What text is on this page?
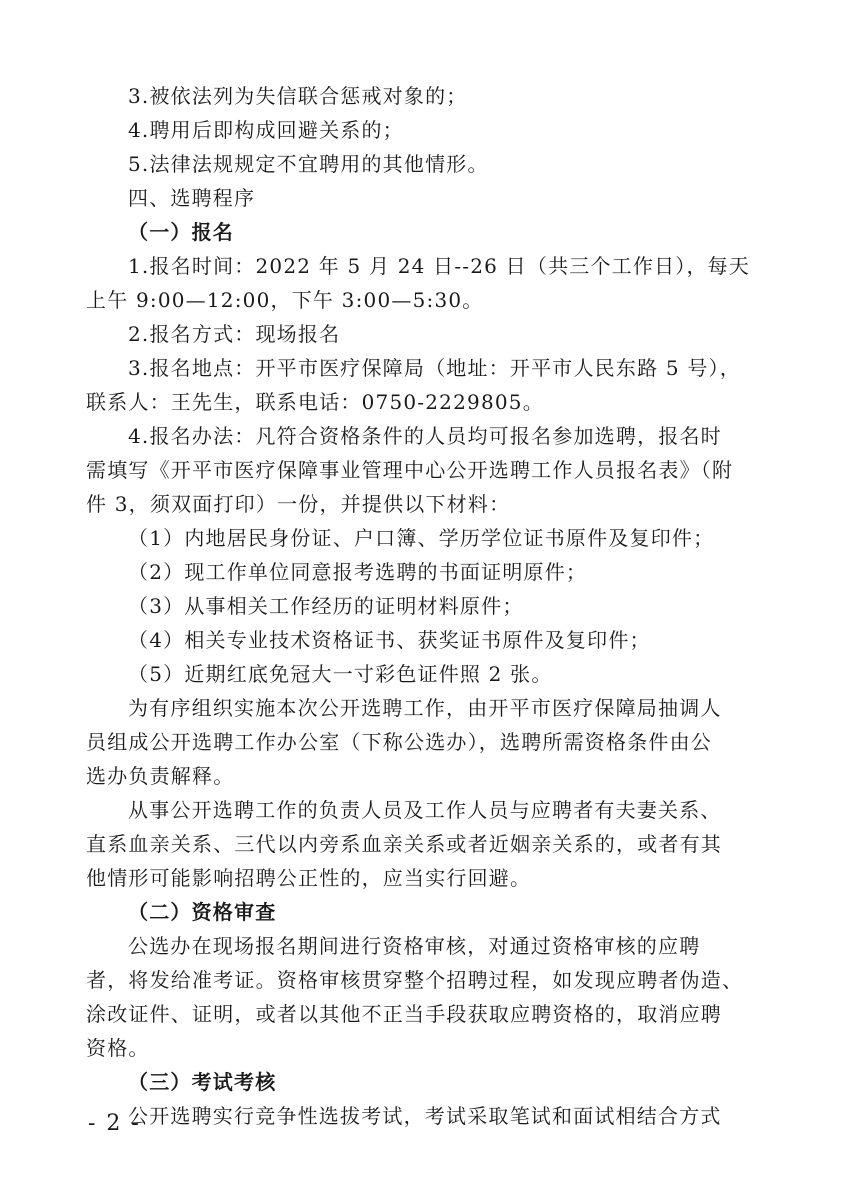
3.被依法列为失信联合惩戒对象的；
4.聘用后即构成回避关系的；
5.法律法规规定不宜聘用的其他情形。
四、选聘程序
（一）报名
1.报名时间：2022 年 5 月 24 日--26 日（共三个工作日），每天
上午 9:00—12:00，下午 3:00—5:30。
2.报名方式：现场报名
3.报名地点：开平市医疗保障局（地址：开平市人民东路 5 号），
联系人：王先生，联系电话：0750-2229805。
4.报名办法：凡符合资格条件的人员均可报名参加选聘，报名时
需填写《开平市医疗保障事业管理中心公开选聘工作人员报名表》（附
件 3，须双面打印）一份，并提供以下材料：
（1）内地居民身份证、户口簿、学历学位证书原件及复印件；
（2）现工作单位同意报考选聘的书面证明原件；
（3）从事相关工作经历的证明材料原件；
（4）相关专业技术资格证书、获奖证书原件及复印件；
（5）近期红底免冠大一寸彩色证件照 2 张。
为有序组织实施本次公开选聘工作，由开平市医疗保障局抽调人
员组成公开选聘工作办公室（下称公选办），选聘所需资格条件由公
选办负责解释。
从事公开选聘工作的负责人员及工作人员与应聘者有夫妻关系、
直系血亲关系、三代以内旁系血亲关系或者近姻亲关系的，或者有其
他情形可能影响招聘公正性的，应当实行回避。
（二）资格审查
公选办在现场报名期间进行资格审核，对通过资格审核的应聘
者，将发给准考证。资格审核贯穿整个招聘过程，如发现应聘者伪造、
涂改证件、证明，或者以其他不正当手段获取应聘资格的，取消应聘
资格。
（三）考试考核
公开选聘实行竞争性选拔考试，考试采取笔试和面试相结合方式
- 2 -
